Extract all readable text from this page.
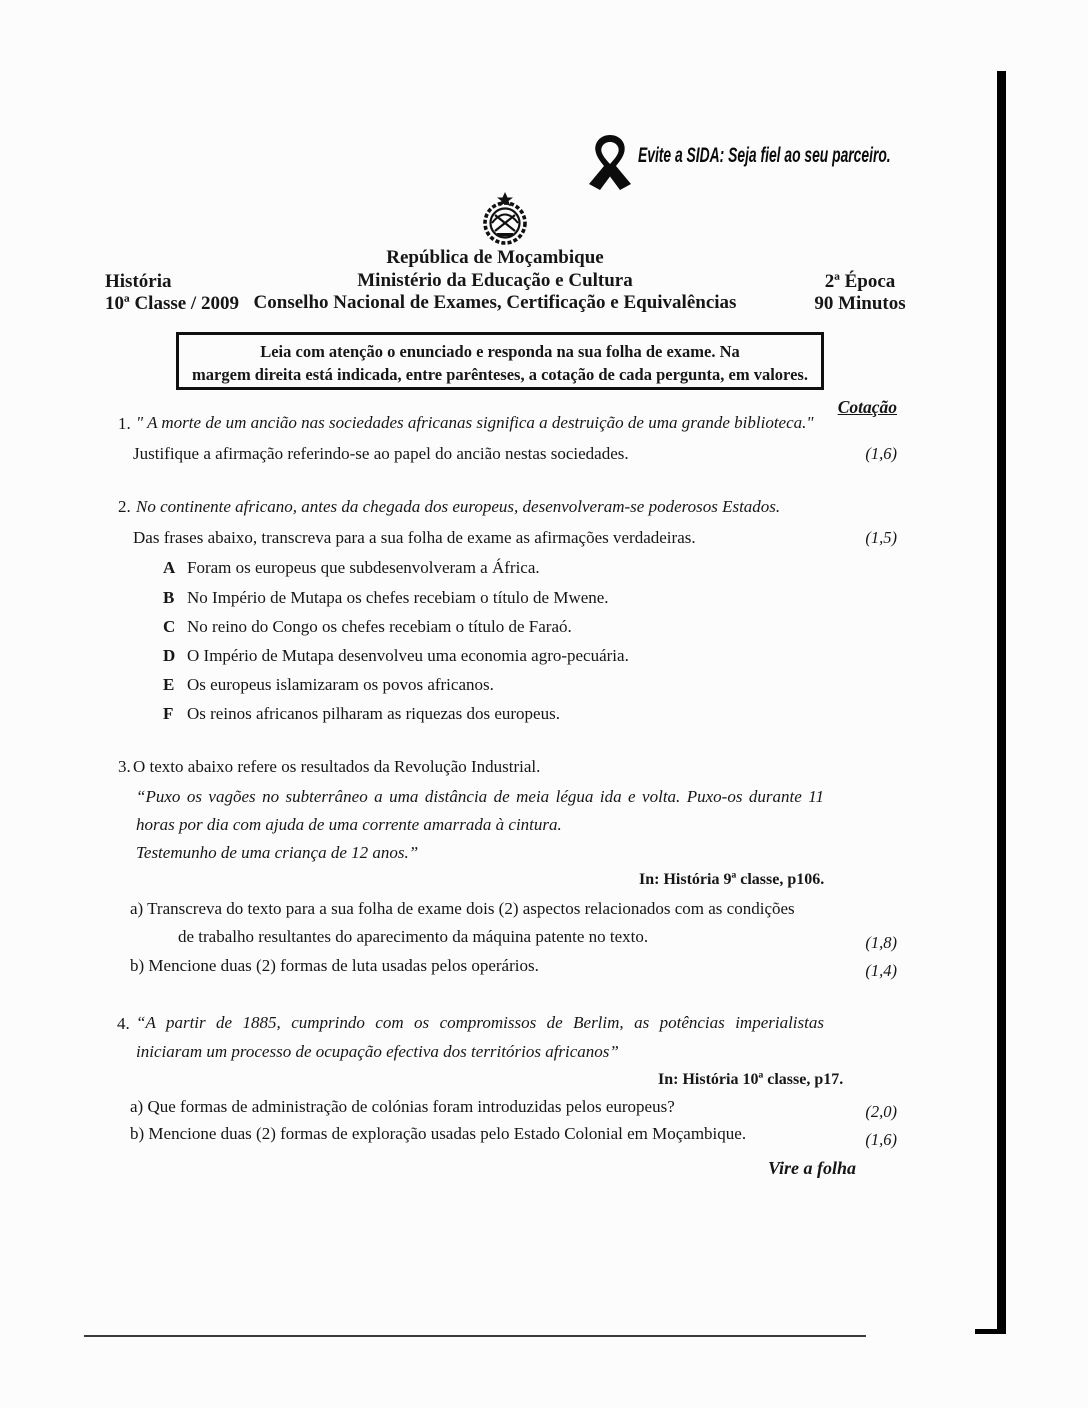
Evite a SIDA: Seja fiel ao seu parceiro.
História
10ª Classe / 2009
República de Moçambique
Ministério da Educação e Cultura
Conselho Nacional de Exames, Certificação e Equivalências
2ª Época
90 Minutos
Leia com atenção o enunciado e responda na sua folha de exame. Na
margem direita está indicada, entre parênteses, a cotação de cada pergunta, em valores.
Cotação
1. " A morte de um ancião nas sociedades africanas significa a destruição de uma grande biblioteca."
Justifique a afirmação referindo-se ao papel do ancião nestas sociedades.	(1,6)
2. No continente africano, antes da chegada dos europeus, desenvolveram-se poderosos Estados.
Das frases abaixo, transcreva para a sua folha de exame as afirmações verdadeiras.	(1,5)
A Foram os europeus que subdesenvolveram a África.
B No Império de Mutapa os chefes recebiam o título de Mwene.
C No reino do Congo os chefes recebiam o título de Faraó.
D O Império de Mutapa desenvolveu uma economia agro-pecuária.
E Os europeus islamizaram os povos africanos.
F Os reinos africanos pilharam as riquezas dos europeus.
3. O texto abaixo refere os resultados da Revolução Industrial.
“Puxo os vagões no subterrâneo a uma distância de meia légua ida e volta. Puxo-os durante 11
horas por dia com ajuda de uma corrente amarrada à cintura.
Testemunho de uma criança de 12 anos.”
In: História 9ª classe, p106.
a) Transcreva do texto para a sua folha de exame dois (2) aspectos relacionados com as condições
de trabalho resultantes do aparecimento da máquina patente no texto.	(1,8)
b) Mencione duas (2) formas de luta usadas pelos operários.	(1,4)
4. “A partir de 1885, cumprindo com os compromissos de Berlim, as potências imperialistas
iniciaram um processo de ocupação efectiva dos territórios africanos”
In: História 10ª classe, p17.
a) Que formas de administração de colónias foram introduzidas pelos europeus?	(2,0)
b) Mencione duas (2) formas de exploração usadas pelo Estado Colonial em Moçambique.	(1,6)
Vire a folha
